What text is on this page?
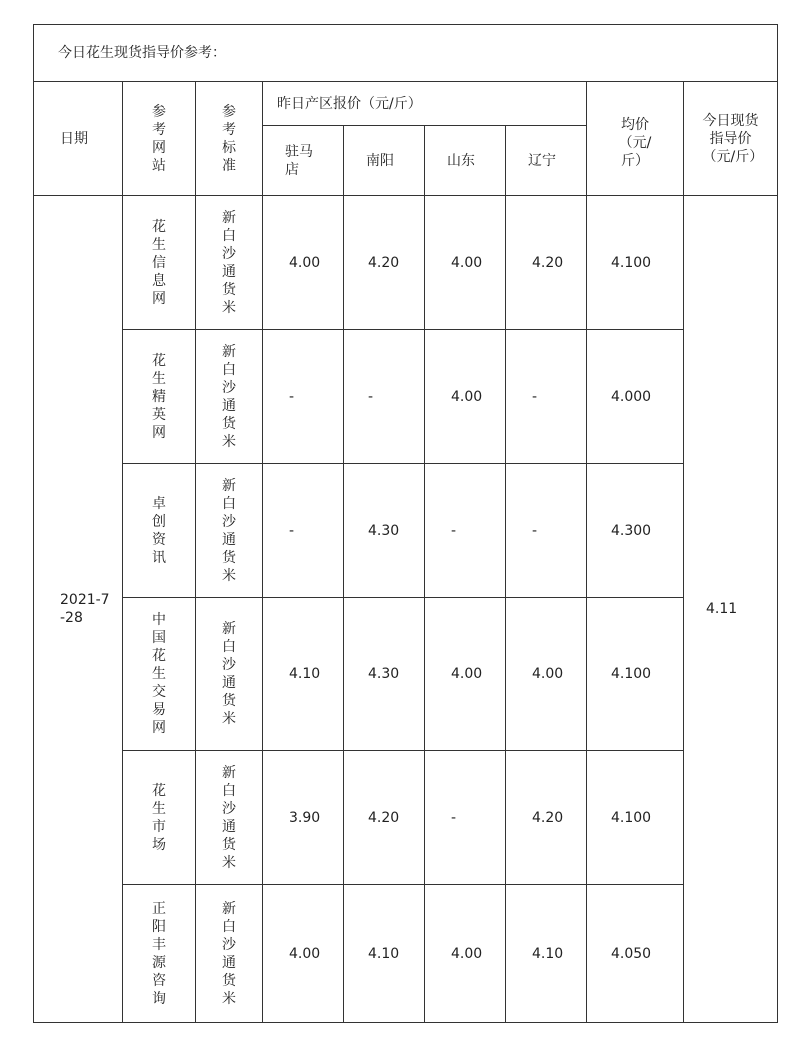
今日花生现货指导价参考：								
日期	参考网站	参考标准	昨日产区报价（元/斤）				均价（元/斤）	今日现货指导价（元/斤）
			驻马店	南阳	山东	辽宁		
2021-7-28	花生信息网	新白沙通货米	4.00	4.20	4.00	4.20	4.100	4.11

	花生精英网	新白沙通货米	-	-	4.00	-	4.000	

	卓创资讯	新白沙通货米	-	4.30	-	-	4.300	

	中国花生交易网	新白沙通货米	4.10	4.30	4.00	4.00	4.100	

	花生市场	新白沙通货米	3.90	4.20	-	4.20	4.100	

	正阳丰源咨询	新白沙通货米	4.00	4.10	4.00	4.10	4.050	
